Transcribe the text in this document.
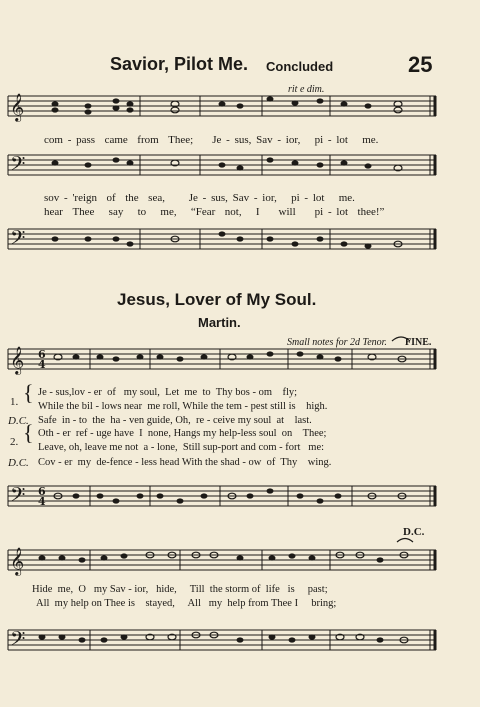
Savior, Pilot Me. Concluded	25
rit e dim.
𝄞
𝄢
𝄢
𝄞
𝄢
𝄞
𝄢
6
4
6
4
com - pass came from Thee; Je - sus, Sav - ior, pi - lot me.
sov - 'reign of the sea, Je - sus, Sav - ior, pi - lot me.
hear Thee say to me, “Fear not, I will pi - lot thee!”
Jesus, Lover of My Soul.
Martin.
Small notes for 2d Tenor. FINE.
1. { Je - sus,lov - er  of   my soul,  Let  me  to  Thy bos - om    fly;
While the bil - lows near  me roll, While the tem - pest still is    high.
2. { Oth - er  ref - uge have  I  none, Hangs my help-less soul  on    Thee;
Leave, oh, leave me not  a - lone,  Still sup-port and com - fort   me:
D.C. Safe  in - to  the  ha - ven guide, Oh,  re - ceive my soul  at    last.
D.C. Cov - er  my  de-fence - less head With the shad - ow  of  Thy    wing.
D.C.
Hide  me,  O   my Sav - ior,   hide,     Till  the storm of  life   is     past;
All  my help on Thee is    stayed,     All   my  help from Thee I     bring;
